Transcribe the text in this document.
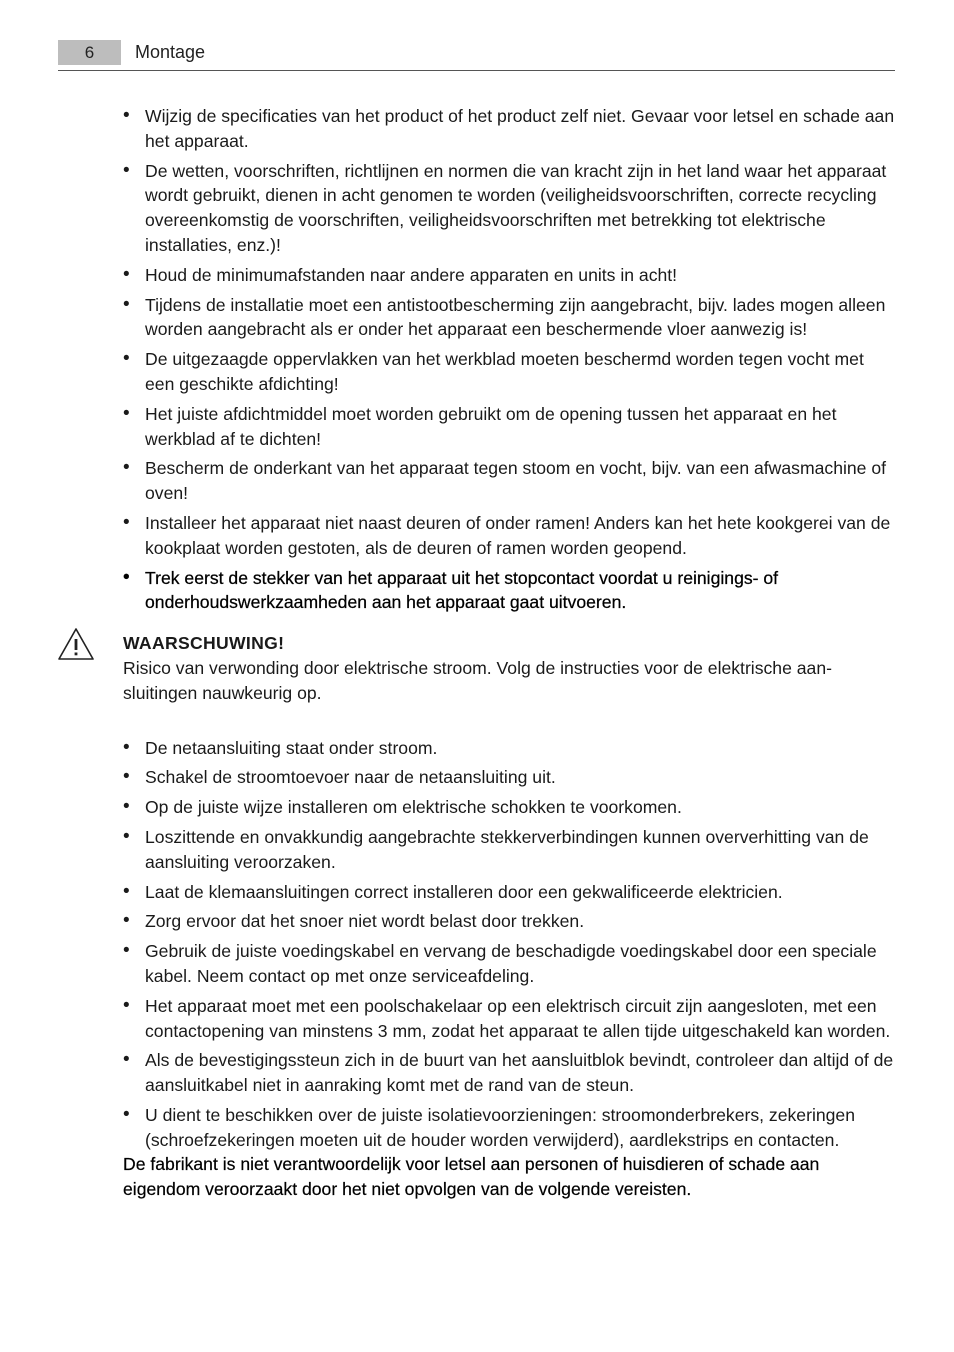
6	Montage
• Wijzig de specificaties van het product of het product zelf niet. Gevaar voor letsel en schade aan het apparaat.
• De wetten, voorschriften, richtlijnen en normen die van kracht zijn in het land waar het apparaat wordt gebruikt, dienen in acht genomen te worden (veiligheidsvoorschriften, correcte recycling overeenkomstig de voorschriften, veiligheidsvoorschriften met betrekking tot elektrische installaties, enz.)!
• Houd de minimumafstanden naar andere apparaten en units in acht!
• Tijdens de installatie moet een antistootbescherming zijn aangebracht, bijv. lades mogen alleen worden aangebracht als er onder het apparaat een beschermende vloer aanwezig is!
• De uitgezaagde oppervlakken van het werkblad moeten beschermd worden tegen vocht met een geschikte afdichting!
• Het juiste afdichtmiddel moet worden gebruikt om de opening tussen het apparaat en het werkblad af te dichten!
• Bescherm de onderkant van het apparaat tegen stoom en vocht, bijv. van een afwasmachine of oven!
• Installeer het apparaat niet naast deuren of onder ramen! Anders kan het hete kookgerei van de kookplaat worden gestoten, als de deuren of ramen worden geopend.
• Trek eerst de stekker van het apparaat uit het stopcontact voordat u reinigings- of onderhoudswerkzaamheden aan het apparaat gaat uitvoeren.
WAARSCHUWING!
Risico van verwonding door elektrische stroom. Volg de instructies voor de elektrische aansluitingen nauwkeurig op.
• De netaansluiting staat onder stroom.
• Schakel de stroomtoevoer naar de netaansluiting uit.
• Op de juiste wijze installeren om elektrische schokken te voorkomen.
• Loszittende en onvakkundig aangebrachte stekkerverbindingen kunnen oververhitting van de aansluiting veroorzaken.
• Laat de klemaansluitingen correct installeren door een gekwalificeerde elektricien.
• Zorg ervoor dat het snoer niet wordt belast door trekken.
• Gebruik de juiste voedingskabel en vervang de beschadigde voedingskabel door een speciale kabel. Neem contact op met onze serviceafdeling.
• Het apparaat moet met een poolschakelaar op een elektrisch circuit zijn aangesloten, met een contactopening van minstens 3 mm, zodat het apparaat te allen tijde uitgeschakeld kan worden.
• Als de bevestigingssteun zich in de buurt van het aansluitblok bevindt, controleer dan altijd of de aansluitkabel niet in aanraking komt met de rand van de steun.
• U dient te beschikken over de juiste isolatievoorzieningen: stroomonderbrekers, zekeringen (schroefzekeringen moeten uit de houder worden verwijderd), aardlekstrips en contacten.
De fabrikant is niet verantwoordelijk voor letsel aan personen of huisdieren of schade aan eigendom veroorzaakt door het niet opvolgen van de volgende vereisten.
